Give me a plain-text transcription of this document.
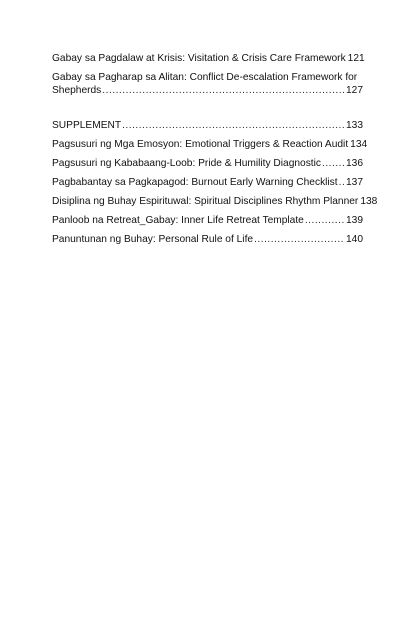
Gabay sa Pagdalaw at Krisis: Visitation & Crisis Care Framework 121
Gabay sa Pagharap sa Alitan: Conflict De-escalation Framework for
Shepherds .....	127
SUPPLEMENT .....	133
Pagsusuri ng Mga Emosyon: Emotional Triggers & Reaction Audit 134
Pagsusuri ng Kababaang-Loob: Pride & Humility Diagnostic ..... 136
Pagbabantay sa Pagkapagod: Burnout Early Warning Checklist ..... 137
Disiplina ng Buhay Espirituwal: Spiritual Disciplines Rhythm Planner 138
Panloob na Retreat_Gabay: Inner Life Retreat Template .....	139
Panuntunan ng Buhay: Personal Rule of Life .....	140
